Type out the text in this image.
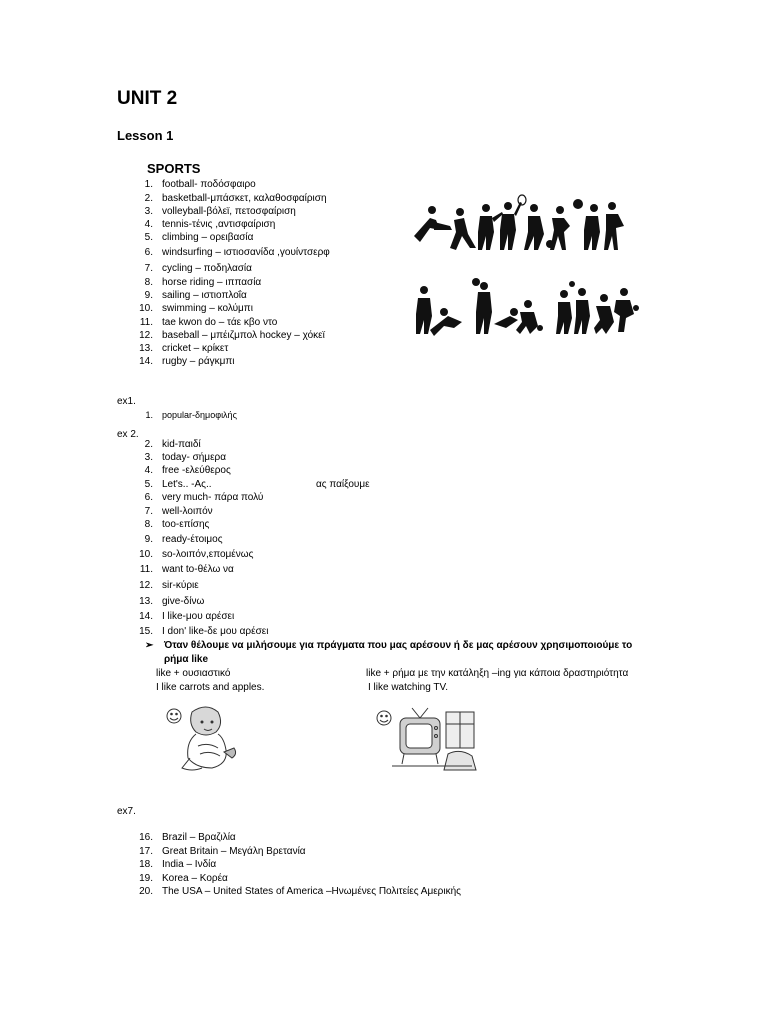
UNIT 2
Lesson 1
SPORTS
1. football- ποδόσφαιρο
2. basketball-μπάσκετ, καλαθοσφαίριση
3. volleyball-βόλεϊ, πετοσφαίριση
4. tennis-τένις ,αντισφαίριση
5. climbing – ορειβασία
6. windsurfing – ιστιοσανίδα ,γουίντσερφ
7. cycling – ποδηλασία
8. horse riding – ιππασία
9. sailing – ιστιοπλοΐα
10. swimming – κολύμπι
11. tae kwon do – τάε κβο ντο
12. baseball – μπέιζμπολ hockey – χόκεϊ
13. cricket – κρίκετ
14. rugby – ράγκμπι
ex1.
1. popular-δημοφιλής
ex 2.
2. kid-παιδί
3. today- σήμερα
4. free -ελεύθερος
5. Let's.. -Ας..	ας παίξουμε
6. very much- πάρα πολύ
7. well-λοιπόν
8. too-επίσης
9. ready-έτοιμος
10. so-λοιπόν,επομένως
11. want to-θέλω να
12. sir-κύριε
13. give-δίνω
14. I like-μου αρέσει
15. I don' like-δε μου αρέσει
➢ Όταν θέλουμε να μιλήσουμε για πράγματα που μας αρέσουν ή δε μας αρέσουν χρησιμοποιούμε το
ρήμα like
like + ουσιαστικό
I like carrots and apples.
like + ρήμα με την κατάληξη –ing για κάποια δραστηριότητα
I like watching TV.
ex7.
16. Brazil – Βραζιλία
17. Great Britain – Μεγάλη Βρετανία
18. India – Ινδία
19. Korea – Κορέα
20. The USA – United States of America –Ηνωμένες Πολιτείες Αμερικής
